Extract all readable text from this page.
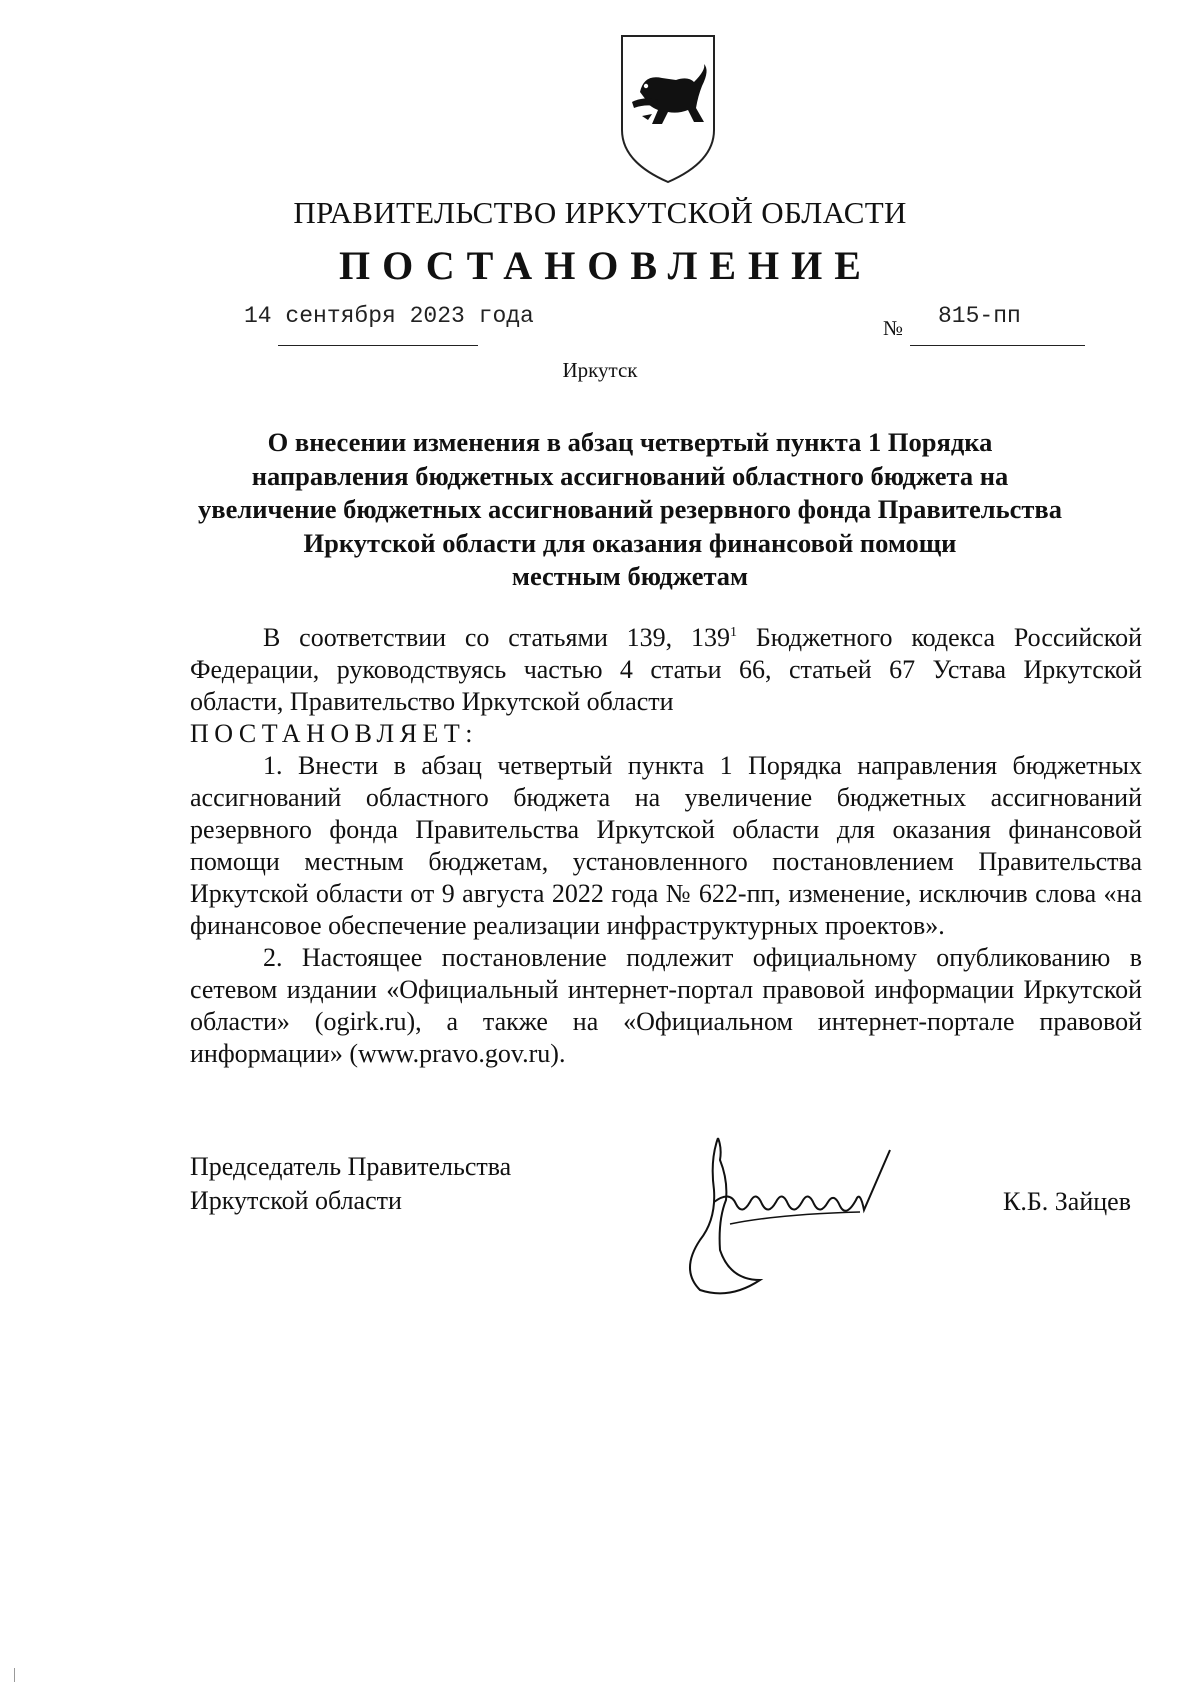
ПРАВИТЕЛЬСТВО ИРКУТСКОЙ ОБЛАСТИ
ПОСТАНОВЛЕНИЕ
14 сентября 2023 года	№ 815-пп
Иркутск
О внесении изменения в абзац четвертый пункта 1 Порядка
направления бюджетных ассигнований областного бюджета на
увеличение бюджетных ассигнований резервного фонда Правительства
Иркутской области для оказания финансовой помощи
местным бюджетам

В соответствии со статьями 139, $139^1$ Бюджетного кодекса Российской Федерации, руководствуясь частью 4 статьи 66, статьей 67 Устава Иркутской области, Правительство Иркутской области

ПОСТАНОВЛЯЕТ:

1. Внести в абзац четвертый пункта 1 Порядка направления бюджетных ассигнований областного бюджета на увеличение бюджетных ассигнований резервного фонда Правительства Иркутской области для оказания финансовой помощи местным бюджетам, установленного постановлением Правительства Иркутской области от 9 августа 2022 года № 622-пп, изменение, исключив слова «на финансовое обеспечение реализации инфраструктурных проектов».

2. Настоящее постановление подлежит официальному опубликованию в сетевом издании «Официальный интернет-портал правовой информации Иркутской области» (ogirk.ru), а также на «Официальном интернет-портале правовой информации» (www.pravo.gov.ru).

Председатель Правительства
Иркутской области	К.Б. Зайцев
